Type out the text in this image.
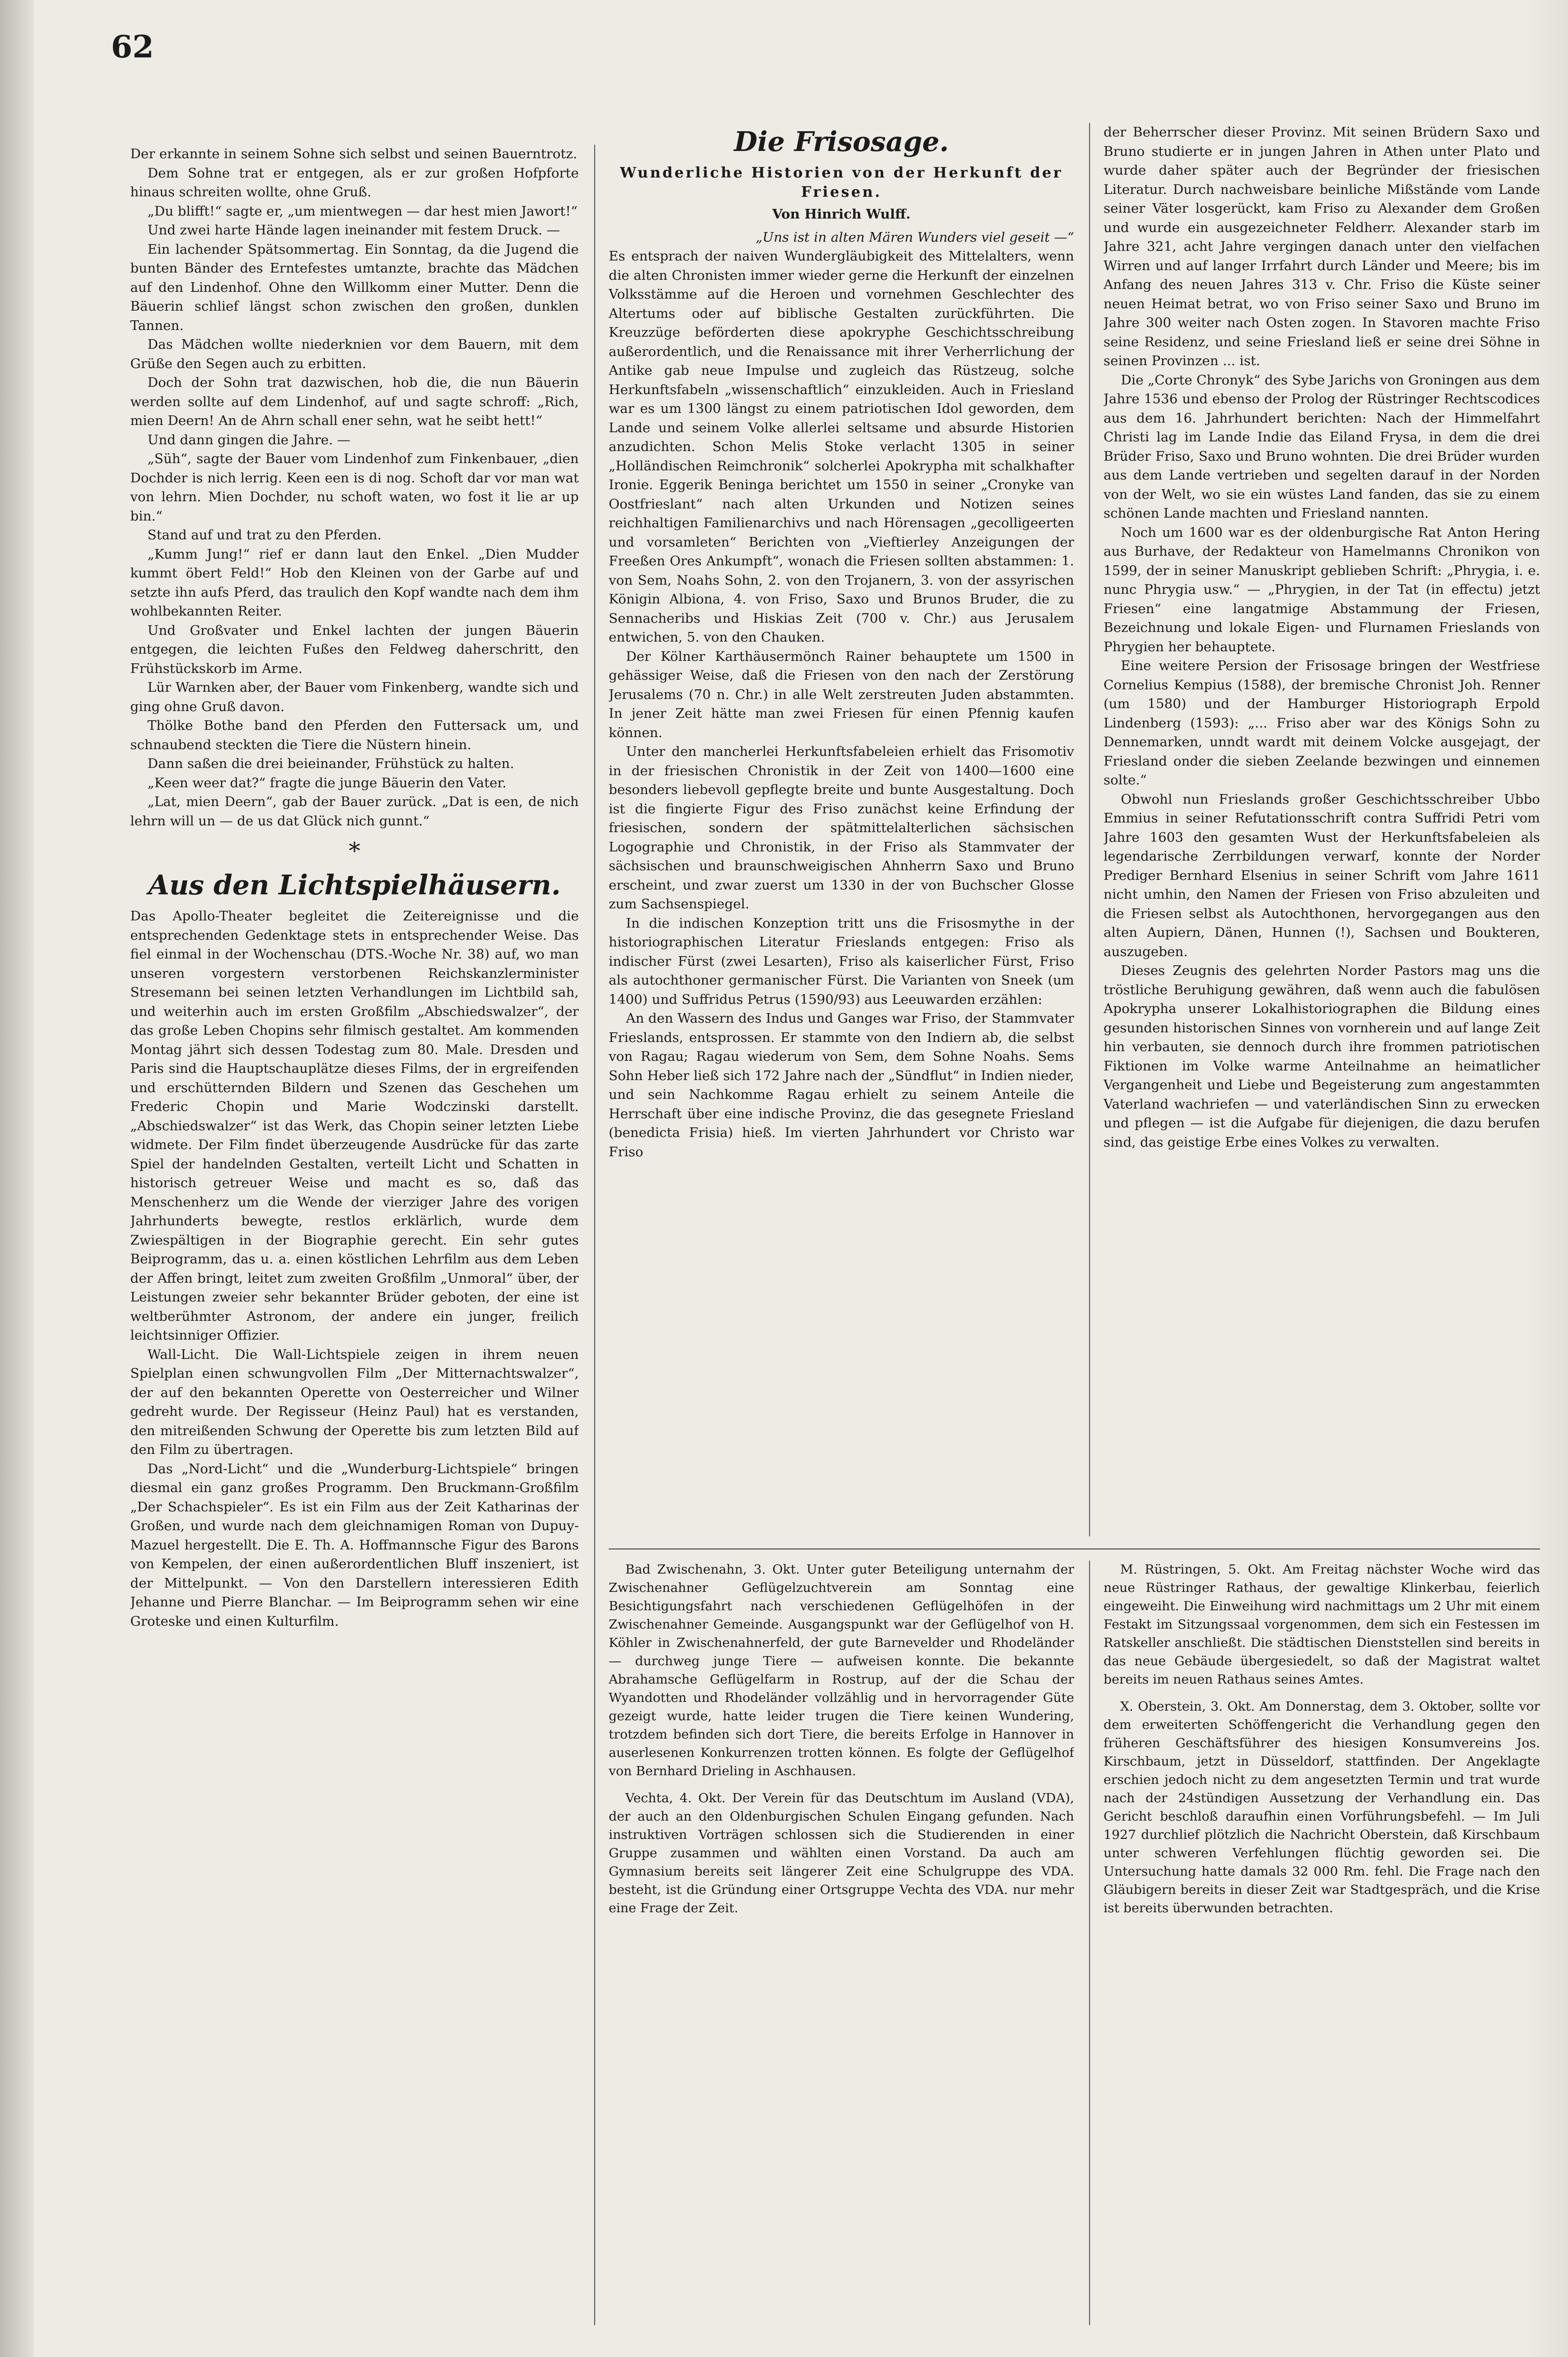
62

Der erkannte in seinem Sohne sich selbst und seinen Bauerntrotz.

Dem Sohne trat er entgegen, als er zur großen Hofpforte hinaus schreiten wollte, ohne Gruß.

„Du blifft!“ sagte er, „um mientwegen — dar hest mien Jawort!“

Und zwei harte Hände lagen ineinander mit festem Druck. —

Ein lachender Spätsommertag. Ein Sonntag, da die Jugend die bunten Bänder des Erntefestes umtanzte, brachte das Mädchen auf den Lindenhof. Ohne den Willkomm einer Mutter. Denn die Bäuerin schlief längst schon zwischen den großen, dunklen Tannen.

Das Mädchen wollte niederknien vor dem Bauern, mit dem Grüße den Segen auch zu erbitten.

Doch der Sohn trat dazwischen, hob die, die nun Bäuerin werden sollte auf dem Lindenhof, auf und sagte schroff: „Rich, mien Deern! An de Ahrn schall ener sehn, wat he seibt hett!“

Und dann gingen die Jahre. —

„Süh“, sagte der Bauer vom Lindenhof zum Finkenbauer, „dien Dochder is nich lerrig. Keen een is di nog. Schoft dar vor man wat von lehrn. Mien Dochder, nu schoft waten, wo fost it lie ar up bin.“

Stand auf und trat zu den Pferden.

„Kumm Jung!“ rief er dann laut den Enkel. „Dien Mudder kummt öbert Feld!“ Hob den Kleinen von der Garbe auf und setzte ihn aufs Pferd, das traulich den Kopf wandte nach dem ihm wohlbekannten Reiter.

Und Großvater und Enkel lachten der jungen Bäuerin entgegen, die leichten Fußes den Feldweg daherschritt, den Frühstückskorb im Arme.

Lür Warnken aber, der Bauer vom Finkenberg, wandte sich und ging ohne Gruß davon.

Thölke Bothe band den Pferden den Futtersack um, und schnaubend steckten die Tiere die Nüstern hinein.

Dann saßen die drei beieinander, Frühstück zu halten.

„Keen weer dat?“ fragte die junge Bäuerin den Vater.

„Lat, mien Deern“, gab der Bauer zurück. „Dat is een, de nich lehrn will un — de us dat Glück nich gunnt.“

*
Aus den Lichtspielhäusern.

Das Apollo-Theater begleitet die Zeitereignisse und die entsprechenden Gedenktage stets in entsprechender Weise. Das fiel einmal in der Wochenschau (DTS.-Woche Nr. 38) auf, wo man unseren vorgestern verstorbenen Reichskanzlerminister Stresemann bei seinen letzten Verhandlungen im Lichtbild sah, und weiterhin auch im ersten Großfilm „Abschiedswalzer“, der das große Leben Chopins sehr filmisch gestaltet. Am kommenden Montag jährt sich dessen Todestag zum 80. Male. Dresden und Paris sind die Hauptschauplätze dieses Films, der in ergreifenden und erschütternden Bildern und Szenen das Geschehen um Frederic Chopin und Marie Wodczinski darstellt. „Abschiedswalzer“ ist das Werk, das Chopin seiner letzten Liebe widmete. Der Film findet überzeugende Ausdrücke für das zarte Spiel der handelnden Gestalten, verteilt Licht und Schatten in historisch getreuer Weise und macht es so, daß das Menschenherz um die Wende der vierziger Jahre des vorigen Jahrhunderts bewegte, restlos erklärlich, wurde dem Zwiespältigen in der Biographie gerecht. Ein sehr gutes Beiprogramm, das u. a. einen köstlichen Lehrfilm aus dem Leben der Affen bringt, leitet zum zweiten Großfilm „Unmoral“ über, der Leistungen zweier sehr bekannter Brüder geboten, der eine ist weltberühmter Astronom, der andere ein junger, freilich leichtsinniger Offizier.

Wall-Licht. Die Wall-Lichtspiele zeigen in ihrem neuen Spielplan einen schwungvollen Film „Der Mitternachtswalzer“, der auf den bekannten Operette von Oesterreicher und Wilner gedreht wurde. Der Regisseur (Heinz Paul) hat es verstanden, den mitreißenden Schwung der Operette bis zum letzten Bild auf den Film zu übertragen.

Das „Nord-Licht“ und die „Wunderburg-Lichtspiele“ bringen diesmal ein ganz großes Programm. Den Bruckmann-Großfilm „Der Schachspieler“. Es ist ein Film aus der Zeit Katharinas der Großen, und wurde nach dem gleichnamigen Roman von Dupuy-Mazuel hergestellt. Die E. Th. A. Hoffmannsche Figur des Barons von Kempelen, der einen außerordentlichen Bluff inszeniert, ist der Mittelpunkt. — Von den Darstellern interessieren Edith Jehanne und Pierre Blanchar. — Im Beiprogramm sehen wir eine Groteske und einen Kulturfilm.

Die Frisosage.
Wunderliche Historien von der Herkunft der Friesen.
Von Hinrich Wulff.

„Uns ist in alten Mären Wunders viel geseit —“

Es entsprach der naiven Wundergläubigkeit des Mittelalters, wenn die alten Chronisten immer wieder gerne die Herkunft der einzelnen Volksstämme auf die Heroen und vornehmen Geschlechter des Altertums oder auf biblische Gestalten zurückführten. Die Kreuzzüge beförderten diese apokryphe Geschichtsschreibung außerordentlich, und die Renaissance mit ihrer Verherrlichung der Antike gab neue Impulse und zugleich das Rüstzeug, solche Herkunftsfabeln „wissenschaftlich“ einzukleiden. Auch in Friesland war es um 1300 längst zu einem patriotischen Idol geworden, dem Lande und seinem Volke allerlei seltsame und absurde Historien anzudichten. Schon Melis Stoke verlacht 1305 in seiner „Holländischen Reimchronik“ solcherlei Apokrypha mit schalkhafter Ironie. Eggerik Beninga berichtet um 1550 in seiner „Cronyke van Oostfrieslant“ nach alten Urkunden und Notizen seines reichhaltigen Familienarchivs und nach Hörensagen „gecolligeerten und vorsamleten“ Berichten von „Vieftierley Anzeigungen der Freeßen Ores Ankumpft“, wonach die Friesen sollten abstammen: 1. von Sem, Noahs Sohn, 2. von den Trojanern, 3. von der assyrischen Königin Albiona, 4. von Friso, Saxo und Brunos Bruder, die zu Sennacheribs und Hiskias Zeit (700 v. Chr.) aus Jerusalem entwichen, 5. von den Chauken.

Der Kölner Karthäusermönch Rainer behauptete um 1500 in gehässiger Weise, daß die Friesen von den nach der Zerstörung Jerusalems (70 n. Chr.) in alle Welt zerstreuten Juden abstammten. In jener Zeit hätte man zwei Friesen für einen Pfennig kaufen können.

Unter den mancherlei Herkunftsfabeleien erhielt das Frisomotiv in der friesischen Chronistik in der Zeit von 1400—1600 eine besonders liebevoll gepflegte breite und bunte Ausgestaltung. Doch ist die fingierte Figur des Friso zunächst keine Erfindung der friesischen, sondern der spätmittelalterlichen sächsischen Logographie und Chronistik, in der Friso als Stammvater der sächsischen und braunschweigischen Ahnherrn Saxo und Bruno erscheint, und zwar zuerst um 1330 in der von Buchscher Glosse zum Sachsenspiegel.

In die indischen Konzeption tritt uns die Frisosmythe in der historiographischen Literatur Frieslands entgegen: Friso als indischer Fürst (zwei Lesarten), Friso als kaiserlicher Fürst, Friso als autochthoner germanischer Fürst. Die Varianten von Sneek (um 1400) und Suffridus Petrus (1590/93) aus Leeuwarden erzählen:

An den Wassern des Indus und Ganges war Friso, der Stammvater Frieslands, entsprossen. Er stammte von den Indiern ab, die selbst von Ragau; Ragau wiederum von Sem, dem Sohne Noahs. Sems Sohn Heber ließ sich 172 Jahre nach der „Sündflut“ in Indien nieder, und sein Nachkomme Ragau erhielt zu seinem Anteile die Herrschaft über eine indische Provinz, die das gesegnete Friesland (benedicta Frisia) hieß. Im vierten Jahrhundert vor Christo war Friso

der Beherrscher dieser Provinz. Mit seinen Brüdern Saxo und Bruno studierte er in jungen Jahren in Athen unter Plato und wurde daher später auch der Begründer der friesischen Literatur. Durch nachweisbare beinliche Mißstände vom Lande seiner Väter losgerückt, kam Friso zu Alexander dem Großen und wurde ein ausgezeichneter Feldherr. Alexander starb im Jahre 321, acht Jahre vergingen danach unter den vielfachen Wirren und auf langer Irrfahrt durch Länder und Meere; bis im Anfang des neuen Jahres 313 v. Chr. Friso die Küste seiner neuen Heimat betrat, wo von Friso seiner Saxo und Bruno im Jahre 300 weiter nach Osten zogen. In Stavoren machte Friso seine Residenz, und seine Friesland ließ er seine drei Söhne in seinen Provinzen ... ist.

Die „Corte Chronyk“ des Sybe Jarichs von Groningen aus dem Jahre 1536 und ebenso der Prolog der Rüstringer Rechtscodices aus dem 16. Jahrhundert berichten: Nach der Himmelfahrt Christi lag im Lande Indie das Eiland Frysa, in dem die drei Brüder Friso, Saxo und Bruno wohnten. Die drei Brüder wurden aus dem Lande vertrieben und segelten darauf in der Norden von der Welt, wo sie ein wüstes Land fanden, das sie zu einem schönen Lande machten und Friesland nannten.

Noch um 1600 war es der oldenburgische Rat Anton Hering aus Burhave, der Redakteur von Hamelmanns Chronikon von 1599, der in seiner Manuskript geblieben Schrift: „Phrygia, i. e. nunc Phrygia usw.“ — „Phrygien, in der Tat (in effectu) jetzt Friesen“ eine langatmige Abstammung der Friesen, Bezeichnung und lokale Eigen- und Flurnamen Frieslands von Phrygien her behauptete.

Eine weitere Persion der Frisosage bringen der Westfriese Cornelius Kempius (1588), der bremische Chronist Joh. Renner (um 1580) und der Hamburger Historiograph Erpold Lindenberg (1593): „... Friso aber war des Königs Sohn zu Dennemarken, unndt wardt mit deinem Volcke ausgejagt, der Friesland onder die sieben Zeelande bezwingen und einnemen solte.“

Obwohl nun Frieslands großer Geschichtsschreiber Ubbo Emmius in seiner Refutationsschrift contra Suffridi Petri vom Jahre 1603 den gesamten Wust der Herkunftsfabeleien als legendarische Zerrbildungen verwarf, konnte der Norder Prediger Bernhard Elsenius in seiner Schrift vom Jahre 1611 nicht umhin, den Namen der Friesen von Friso abzuleiten und die Friesen selbst als Autochthonen, hervorgegangen aus den alten Aupiern, Dänen, Hunnen (!), Sachsen und Boukteren, auszugeben.

Dieses Zeugnis des gelehrten Norder Pastors mag uns die tröstliche Beruhigung gewähren, daß wenn auch die fabulösen Apokrypha unserer Lokalhistoriographen die Bildung eines gesunden historischen Sinnes von vornherein und auf lange Zeit hin verbauten, sie dennoch durch ihre frommen patriotischen Fiktionen im Volke warme Anteilnahme an heimatlicher Vergangenheit und Liebe und Begeisterung zum angestammten Vaterland wachriefen — und vaterländischen Sinn zu erwecken und pflegen — ist die Aufgabe für diejenigen, die dazu berufen sind, das geistige Erbe eines Volkes zu verwalten.

Bad Zwischenahn, 3. Okt. Unter guter Beteiligung unternahm der Zwischenahner Geflügelzuchtverein am Sonntag eine Besichtigungsfahrt nach verschiedenen Geflügelhöfen in der Zwischenahner Gemeinde. Ausgangspunkt war der Geflügelhof von H. Köhler in Zwischenahnerfeld, der gute Barnevelder und Rhodeländer — durchweg junge Tiere — aufweisen konnte. Die bekannte Abrahamsche Geflügelfarm in Rostrup, auf der die Schau der Wyandotten und Rhodeländer vollzählig und in hervorragender Güte gezeigt wurde, hatte leider trugen die Tiere keinen Wundering, trotzdem befinden sich dort Tiere, die bereits Erfolge in Hannover in auserlesenen Konkurrenzen trotten können. Es folgte der Geflügelhof von Bernhard Drieling in Aschhausen.

Vechta, 4. Okt. Der Verein für das Deutschtum im Ausland (VDA), der auch an den Oldenburgischen Schulen Eingang gefunden. Nach instruktiven Vorträgen schlossen sich die Studierenden in einer Gruppe zusammen und wählten einen Vorstand. Da auch am Gymnasium bereits seit längerer Zeit eine Schulgruppe des VDA. besteht, ist die Gründung einer Ortsgruppe Vechta des VDA. nur mehr eine Frage der Zeit.

M. Rüstringen, 5. Okt. Am Freitag nächster Woche wird das neue Rüstringer Rathaus, der gewaltige Klinkerbau, feierlich eingeweiht. Die Einweihung wird nachmittags um 2 Uhr mit einem Festakt im Sitzungssaal vorgenommen, dem sich ein Festessen im Ratskeller anschließt. Die städtischen Dienststellen sind bereits in das neue Gebäude übergesiedelt, so daß der Magistrat waltet bereits im neuen Rathaus seines Amtes.

X. Oberstein, 3. Okt. Am Donnerstag, dem 3. Oktober, sollte vor dem erweiterten Schöffengericht die Verhandlung gegen den früheren Geschäftsführer des hiesigen Konsumvereins Jos. Kirschbaum, jetzt in Düsseldorf, stattfinden. Der Angeklagte erschien jedoch nicht zu dem angesetzten Termin und trat wurde nach der 24stündigen Aussetzung der Verhandlung ein. Das Gericht beschloß daraufhin einen Vorführungsbefehl. — Im Juli 1927 durchlief plötzlich die Nachricht Oberstein, daß Kirschbaum unter schweren Verfehlungen flüchtig geworden sei. Die Untersuchung hatte damals 32 000 Rm. fehl. Die Frage nach den Gläubigern bereits in dieser Zeit war Stadtgespräch, und die Krise ist bereits überwunden betrachten.
